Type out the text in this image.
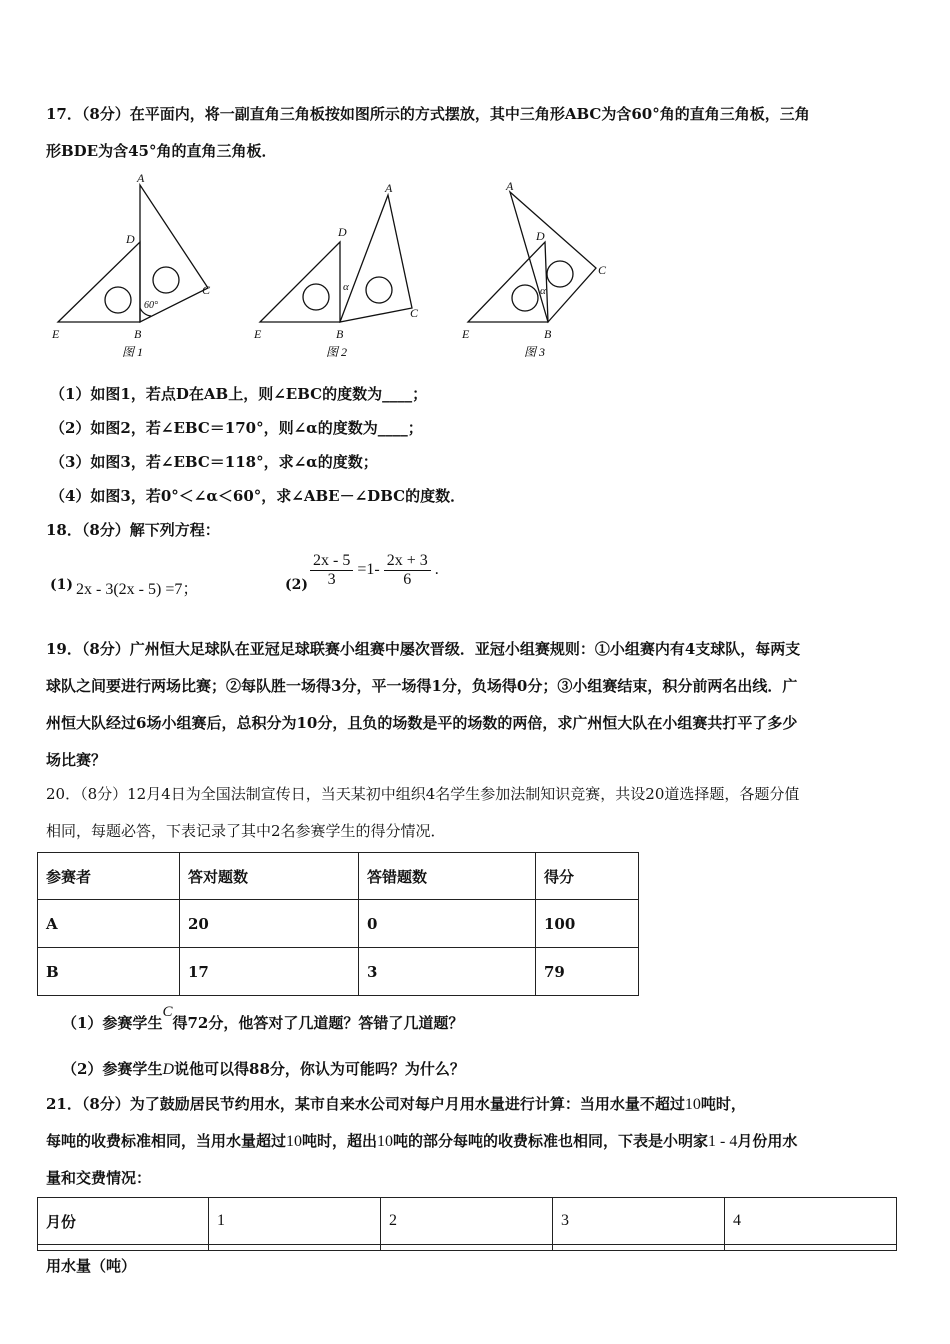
17．（8分）在平面内，将一副直角三角板按如图所示的方式摆放，其中三角形ABC为含60°角的直角三角板，三角
形BDE为含45°角的直角三角板．
A
D
C
E	B
60°
图 1
A
D
α
C
E	B
图 2
A
D
C
α
E	B
图 3
（1）如图1，若点D在AB上，则∠EBC的度数为____；
（2）如图2，若∠EBC＝170°，则∠α的度数为____；
（3）如图3，若∠EBC＝118°，求∠α的度数；
（4）如图3，若0°＜∠α＜60°，求∠ABE－∠DBC的度数．
18．（8分）解下列方程：
(1) 2x - 3(2x - 5) =7；	$(2) \frac{2x - 5}{3} =1- \frac{2x + 3}{6}$ .
19．（8分）广州恒大足球队在亚冠足球联赛小组赛中屡次晋级．亚冠小组赛规则：①小组赛内有4支球队，每两支
球队之间要进行两场比赛；②每队胜一场得3分，平一场得1分，负场得0分；③小组赛结束，积分前两名出线．广
州恒大队经过6场小组赛后，总积分为10分，且负的场数是平的场数的两倍，求广州恒大队在小组赛共打平了多少
场比赛？
20．（8分）12月4日为全国法制宣传日，当天某初中组织4名学生参加法制知识竞赛，共设20道选择题，各题分值
相同，每题必答，下表记录了其中2名参赛学生的得分情况．
参赛者	答对题数	答错题数	得分
A	20	0	100
B	17	3	79
（1）参赛学生C得72分，他答对了几道题？答错了几道题？
（2）参赛学生D说他可以得88分，你认为可能吗？为什么？
21．（8分）为了鼓励居民节约用水，某市自来水公司对每户月用水量进行计算：当用水量不超过10吨时，
每吨的收费标准相同，当用水量超过10吨时，超出10吨的部分每吨的收费标准也相同，下表是小明家1 - 4月份用水
量和交费情况：
月份	1	2	3	4

用水量（吨）
